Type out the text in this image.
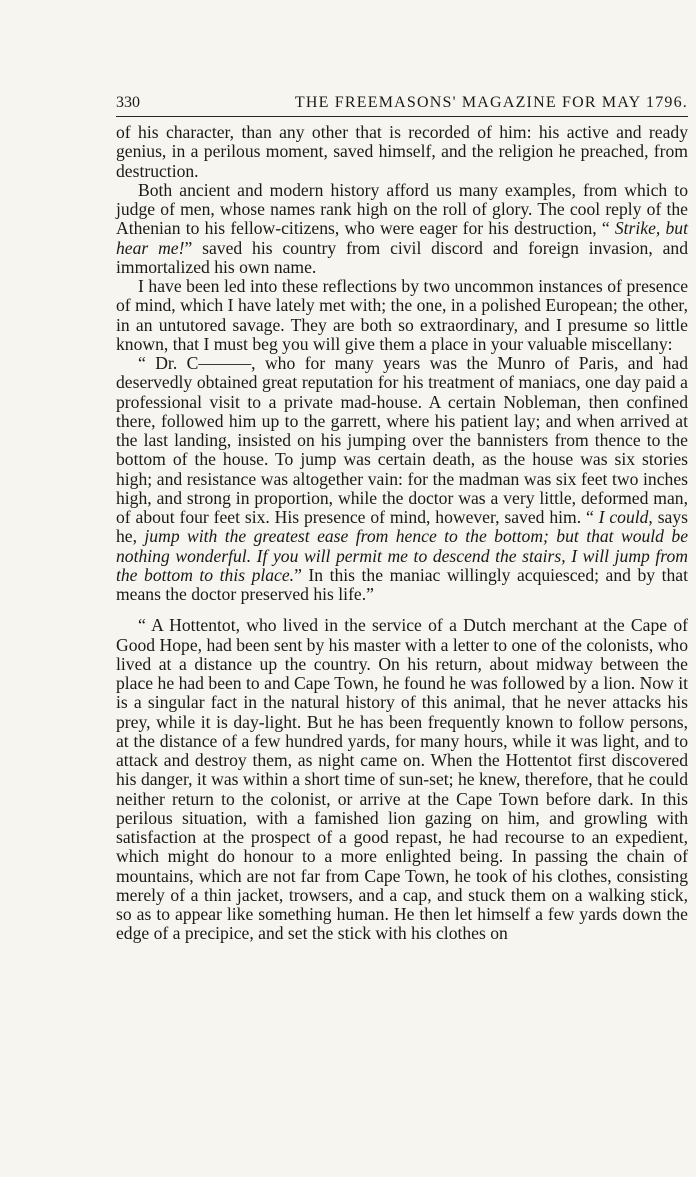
330	THE FREEMASONS' MAGAZINE FOR MAY 1796.

of his character, than any other that is recorded of him: his active and ready genius, in a perilous moment, saved himself, and the religion he preached, from destruction.

Both ancient and modern history afford us many examples, from which to judge of men, whose names rank high on the roll of glory. The cool reply of the Athenian to his fellow-citizens, who were eager for his destruction, “ Strike, but hear me!” saved his country from civil discord and foreign invasion, and immortalized his own name.

I have been led into these reflections by two uncommon instances of presence of mind, which I have lately met with; the one, in a polished European; the other, in an untutored savage. They are both so extraordinary, and I presume so little known, that I must beg you will give them a place in your valuable miscellany:

“ Dr. C———, who for many years was the Munro of Paris, and had deservedly obtained great reputation for his treatment of maniacs, one day paid a professional visit to a private mad-house. A certain Nobleman, then confined there, followed him up to the garrett, where his patient lay; and when arrived at the last landing, insisted on his jumping over the bannisters from thence to the bottom of the house. To jump was certain death, as the house was six stories high; and resistance was altogether vain: for the madman was six feet two inches high, and strong in proportion, while the doctor was a very little, deformed man, of about four feet six. His presence of mind, however, saved him. “ I could, says he, jump with the greatest ease from hence to the bottom; but that would be nothing wonderful. If you will permit me to descend the stairs, I will jump from the bottom to this place.” In this the maniac willingly acquiesced; and by that means the doctor preserved his life.”

“ A Hottentot, who lived in the service of a Dutch merchant at the Cape of Good Hope, had been sent by his master with a letter to one of the colonists, who lived at a distance up the country. On his return, about midway between the place he had been to and Cape Town, he found he was followed by a lion. Now it is a singular fact in the natural history of this animal, that he never attacks his prey, while it is day-light. But he has been frequently known to follow persons, at the distance of a few hundred yards, for many hours, while it was light, and to attack and destroy them, as night came on. When the Hottentot first discovered his danger, it was within a short time of sun-set; he knew, therefore, that he could neither return to the colonist, or arrive at the Cape Town before dark. In this perilous situation, with a famished lion gazing on him, and growling with satisfaction at the prospect of a good repast, he had recourse to an expedient, which might do honour to a more enlighted being. In passing the chain of mountains, which are not far from Cape Town, he took of his clothes, consisting merely of a thin jacket, trowsers, and a cap, and stuck them on a walking stick, so as to appear like something human. He then let himself a few yards down the edge of a precipice, and set the stick with his clothes on
